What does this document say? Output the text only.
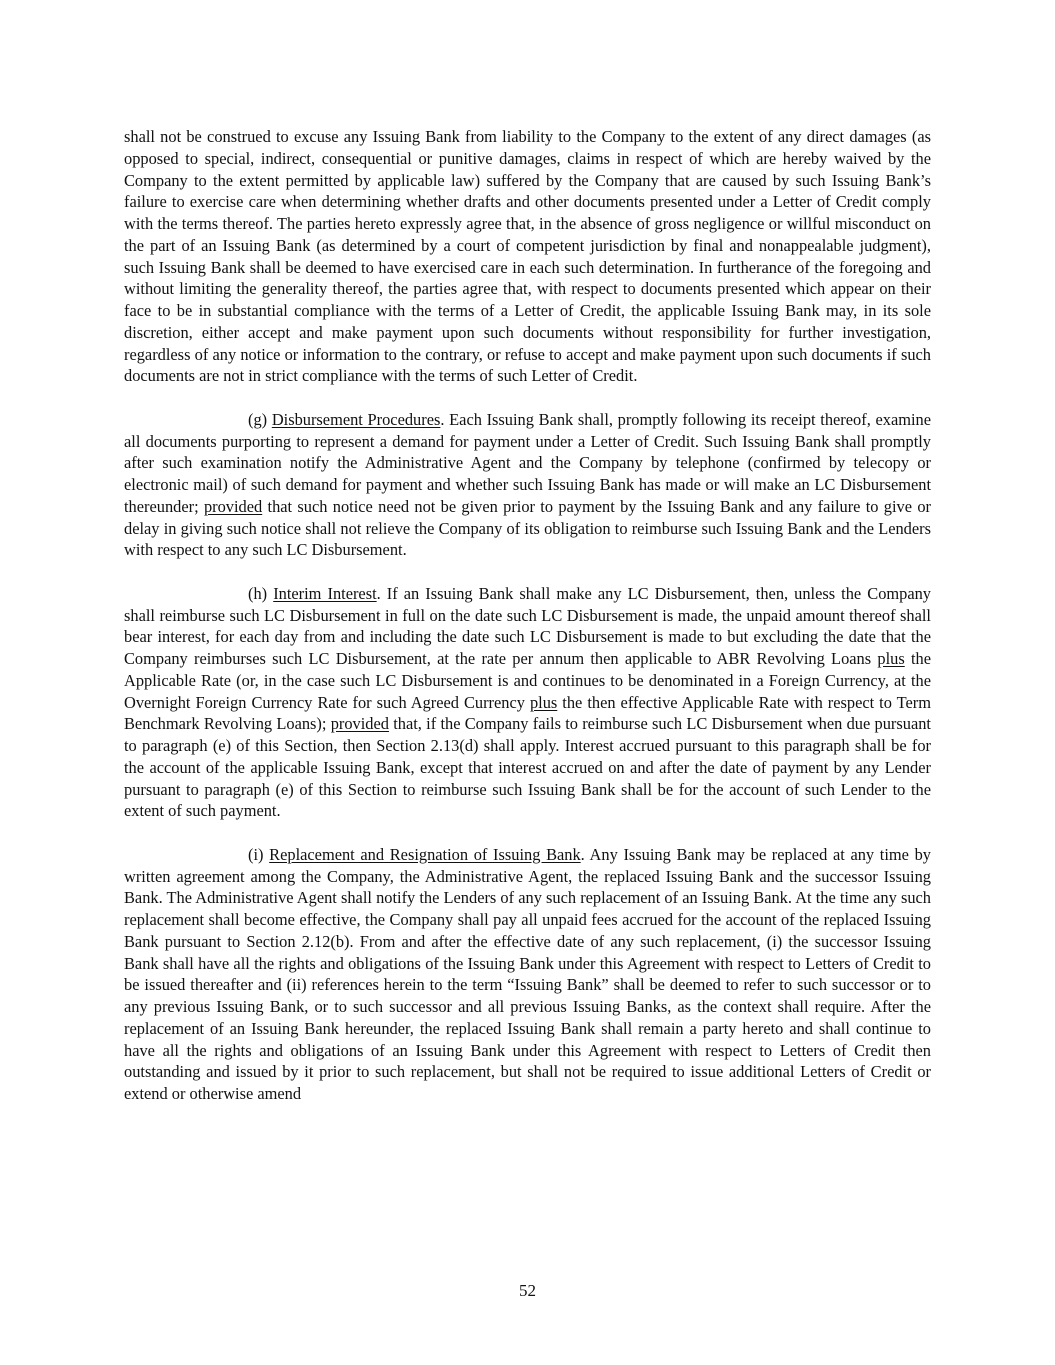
shall not be construed to excuse any Issuing Bank from liability to the Company to the extent of any direct damages (as opposed to special, indirect, consequential or punitive damages, claims in respect of which are hereby waived by the Company to the extent permitted by applicable law) suffered by the Company that are caused by such Issuing Bank’s failure to exercise care when determining whether drafts and other documents presented under a Letter of Credit comply with the terms thereof. The parties hereto expressly agree that, in the absence of gross negligence or willful misconduct on the part of an Issuing Bank (as determined by a court of competent jurisdiction by final and nonappealable judgment), such Issuing Bank shall be deemed to have exercised care in each such determination. In furtherance of the foregoing and without limiting the generality thereof, the parties agree that, with respect to documents presented which appear on their face to be in substantial compliance with the terms of a Letter of Credit, the applicable Issuing Bank may, in its sole discretion, either accept and make payment upon such documents without responsibility for further investigation, regardless of any notice or information to the contrary, or refuse to accept and make payment upon such documents if such documents are not in strict compliance with the terms of such Letter of Credit.

(g) Disbursement Procedures. Each Issuing Bank shall, promptly following its receipt thereof, examine all documents purporting to represent a demand for payment under a Letter of Credit. Such Issuing Bank shall promptly after such examination notify the Administrative Agent and the Company by telephone (confirmed by telecopy or electronic mail) of such demand for payment and whether such Issuing Bank has made or will make an LC Disbursement thereunder; provided that such notice need not be given prior to payment by the Issuing Bank and any failure to give or delay in giving such notice shall not relieve the Company of its obligation to reimburse such Issuing Bank and the Lenders with respect to any such LC Disbursement.

(h) Interim Interest. If an Issuing Bank shall make any LC Disbursement, then, unless the Company shall reimburse such LC Disbursement in full on the date such LC Disbursement is made, the unpaid amount thereof shall bear interest, for each day from and including the date such LC Disbursement is made to but excluding the date that the Company reimburses such LC Disbursement, at the rate per annum then applicable to ABR Revolving Loans plus the Applicable Rate (or, in the case such LC Disbursement is and continues to be denominated in a Foreign Currency, at the Overnight Foreign Currency Rate for such Agreed Currency plus the then effective Applicable Rate with respect to Term Benchmark Revolving Loans); provided that, if the Company fails to reimburse such LC Disbursement when due pursuant to paragraph (e) of this Section, then Section 2.13(d) shall apply. Interest accrued pursuant to this paragraph shall be for the account of the applicable Issuing Bank, except that interest accrued on and after the date of payment by any Lender pursuant to paragraph (e) of this Section to reimburse such Issuing Bank shall be for the account of such Lender to the extent of such payment.

(i) Replacement and Resignation of Issuing Bank. Any Issuing Bank may be replaced at any time by written agreement among the Company, the Administrative Agent, the replaced Issuing Bank and the successor Issuing Bank. The Administrative Agent shall notify the Lenders of any such replacement of an Issuing Bank. At the time any such replacement shall become effective, the Company shall pay all unpaid fees accrued for the account of the replaced Issuing Bank pursuant to Section 2.12(b). From and after the effective date of any such replacement, (i) the successor Issuing Bank shall have all the rights and obligations of the Issuing Bank under this Agreement with respect to Letters of Credit to be issued thereafter and (ii) references herein to the term “Issuing Bank” shall be deemed to refer to such successor or to any previous Issuing Bank, or to such successor and all previous Issuing Banks, as the context shall require. After the replacement of an Issuing Bank hereunder, the replaced Issuing Bank shall remain a party hereto and shall continue to have all the rights and obligations of an Issuing Bank under this Agreement with respect to Letters of Credit then outstanding and issued by it prior to such replacement, but shall not be required to issue additional Letters of Credit or extend or otherwise amend

52
